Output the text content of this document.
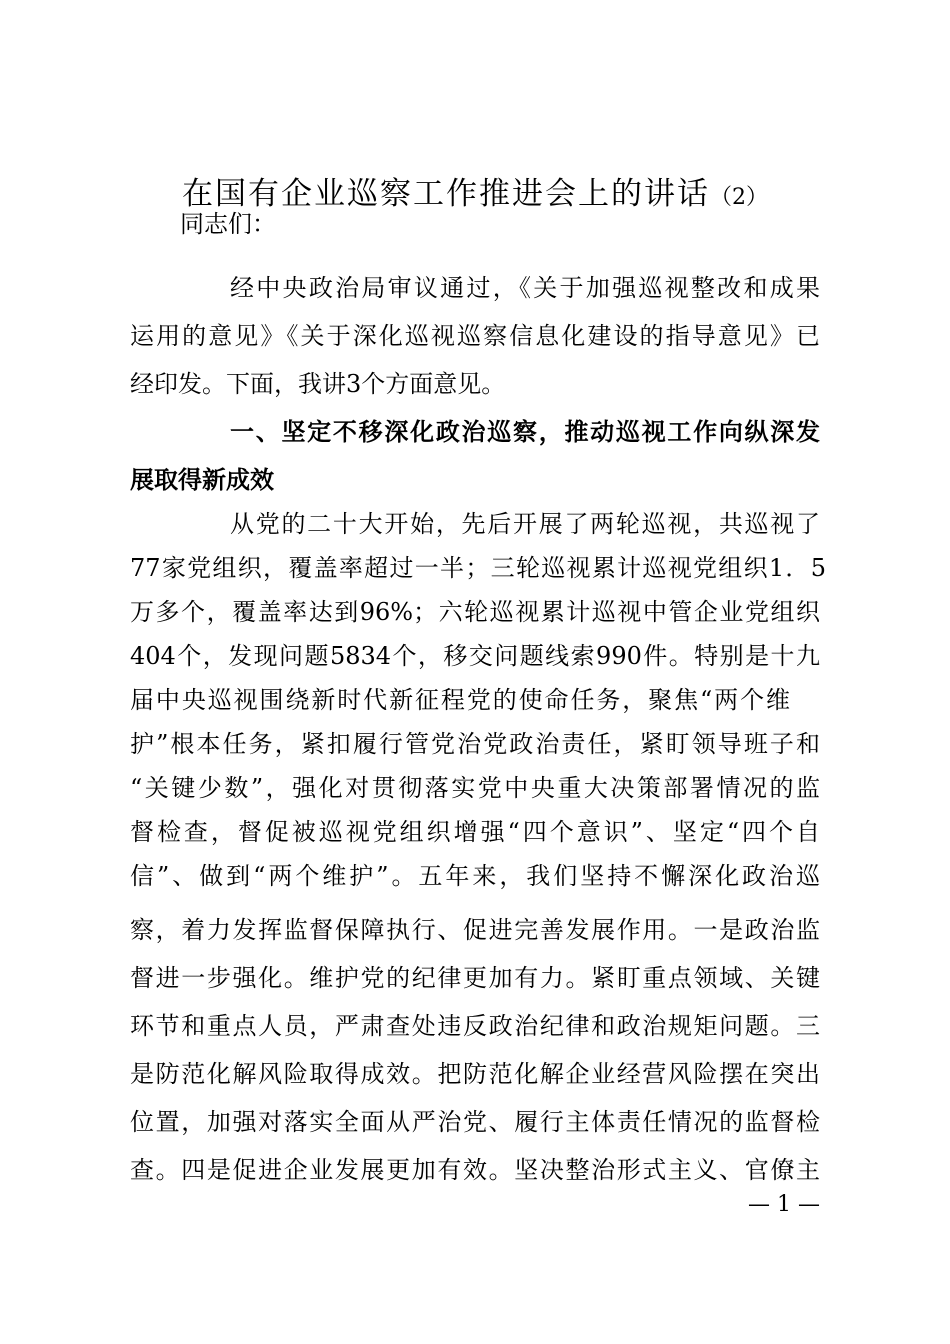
在国有企业巡察工作推进会上的讲话（2）
同志们：
经中央政治局审议通过，《关于加强巡视整改和成果
运用的意见》《关于深化巡视巡察信息化建设的指导意见》已
经印发。下面，我讲3个方面意见。
一、坚定不移深化政治巡察，推动巡视工作向纵深发
展取得新成效
从党的二十大开始，先后开展了两轮巡视，共巡视了
77家党组织，覆盖率超过一半；三轮巡视累计巡视党组织1．5
万多个，覆盖率达到96%；六轮巡视累计巡视中管企业党组织
404个，发现问题5834个，移交问题线索990件。特别是十九
届中央巡视围绕新时代新征程党的使命任务，聚焦“两个维
护”根本任务，紧扣履行管党治党政治责任，紧盯领导班子和
“关键少数”，强化对贯彻落实党中央重大决策部署情况的监
督检查，督促被巡视党组织增强“四个意识”、坚定“四个自
信”、做到“两个维护”。五年来，我们坚持不懈深化政治巡
察，着力发挥监督保障执行、促进完善发展作用。一是政治监
督进一步强化。维护党的纪律更加有力。紧盯重点领域、关键
环节和重点人员，严肃查处违反政治纪律和政治规矩问题。三
是防范化解风险取得成效。把防范化解企业经营风险摆在突出
位置，加强对落实全面从严治党、履行主体责任情况的监督检
查。四是促进企业发展更加有效。坚决整治形式主义、官僚主
— 1 —
